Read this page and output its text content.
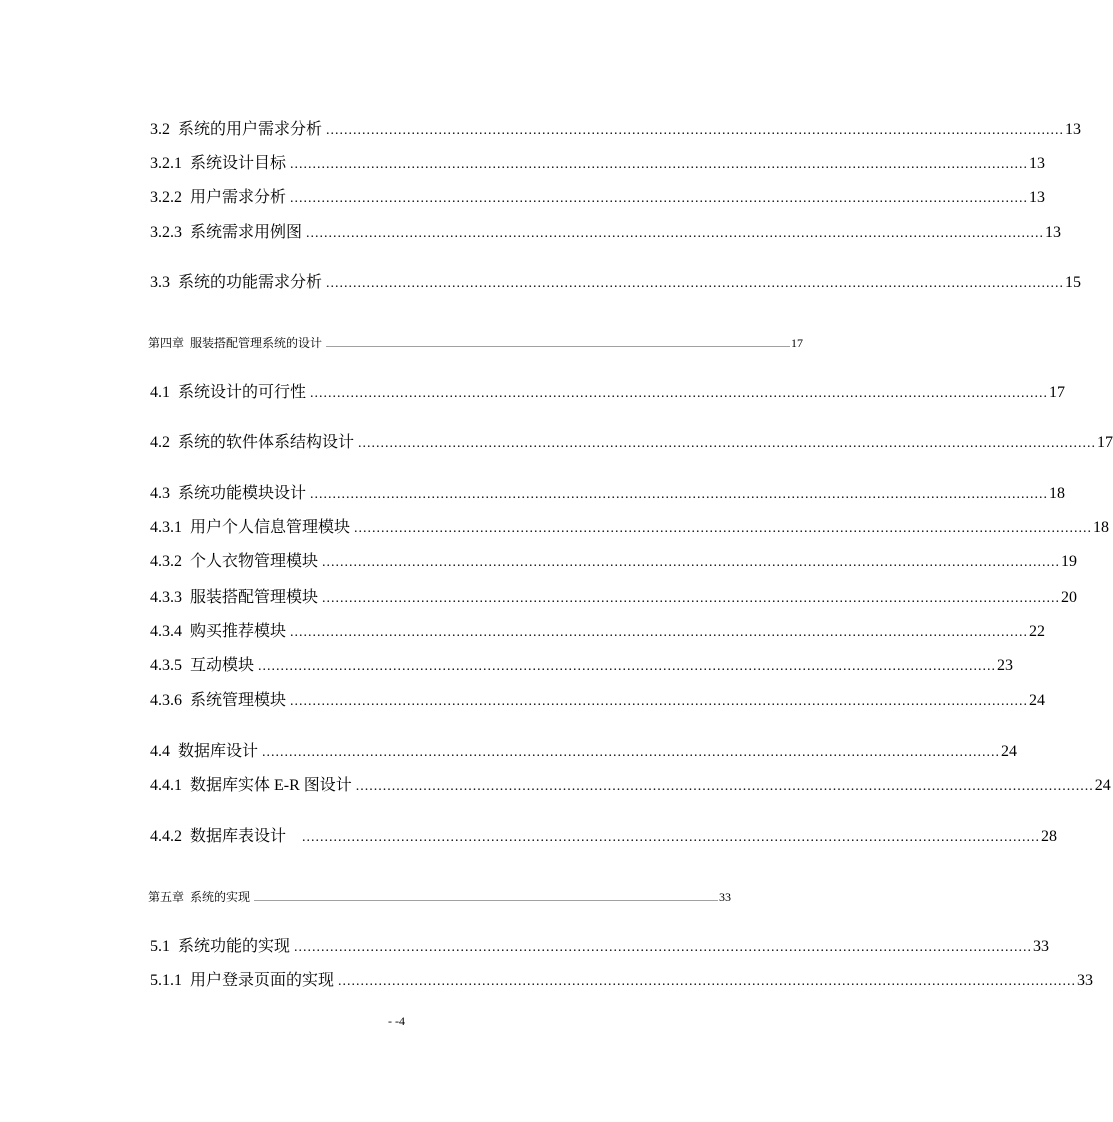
3.2 系统的用户需求分析 .................................................................................................................................................................... 13
3.2.1 系统设计目标 .................................................................................................................................................................... 13
3.2.2 用户需求分析 .................................................................................................................................................................... 13
3.2.3 系统需求用例图 .................................................................................................................................................................... 13
3.3 系统的功能需求分析 .................................................................................................................................................................... 15
第四章 服装搭配管理系统的设计 ........................................................................................................................................................................................................................................ 17
4.1 系统设计的可行性 .................................................................................................................................................................... 17
4.2 系统的软件体系结构设计 .................................................................................................................................................................... 17
4.3 系统功能模块设计 .................................................................................................................................................................... 18
4.3.1 用户个人信息管理模块 .................................................................................................................................................................... 18
4.3.2 个人衣物管理模块 .................................................................................................................................................................... 19
4.3.3 服装搭配管理模块 .................................................................................................................................................................... 20
4.3.4 购买推荐模块 .................................................................................................................................................................... 22
4.3.5 互动模块 .................................................................................................................................................................... 23
4.3.6 系统管理模块 .................................................................................................................................................................... 24
4.4 数据库设计 .................................................................................................................................................................... 24
4.4.1 数据库实体 E-R 图设计 .................................................................................................................................................................... 24
4.4.2 数据库表设计 .................................................................................................................................................................... 28
第五章 系统的实现 ........................................................................................................................................................................................................................................ 33
5.1 系统功能的实现 .................................................................................................................................................................... 33
5.1.1 用户登录页面的实现 .................................................................................................................................................................... 33
- -4
